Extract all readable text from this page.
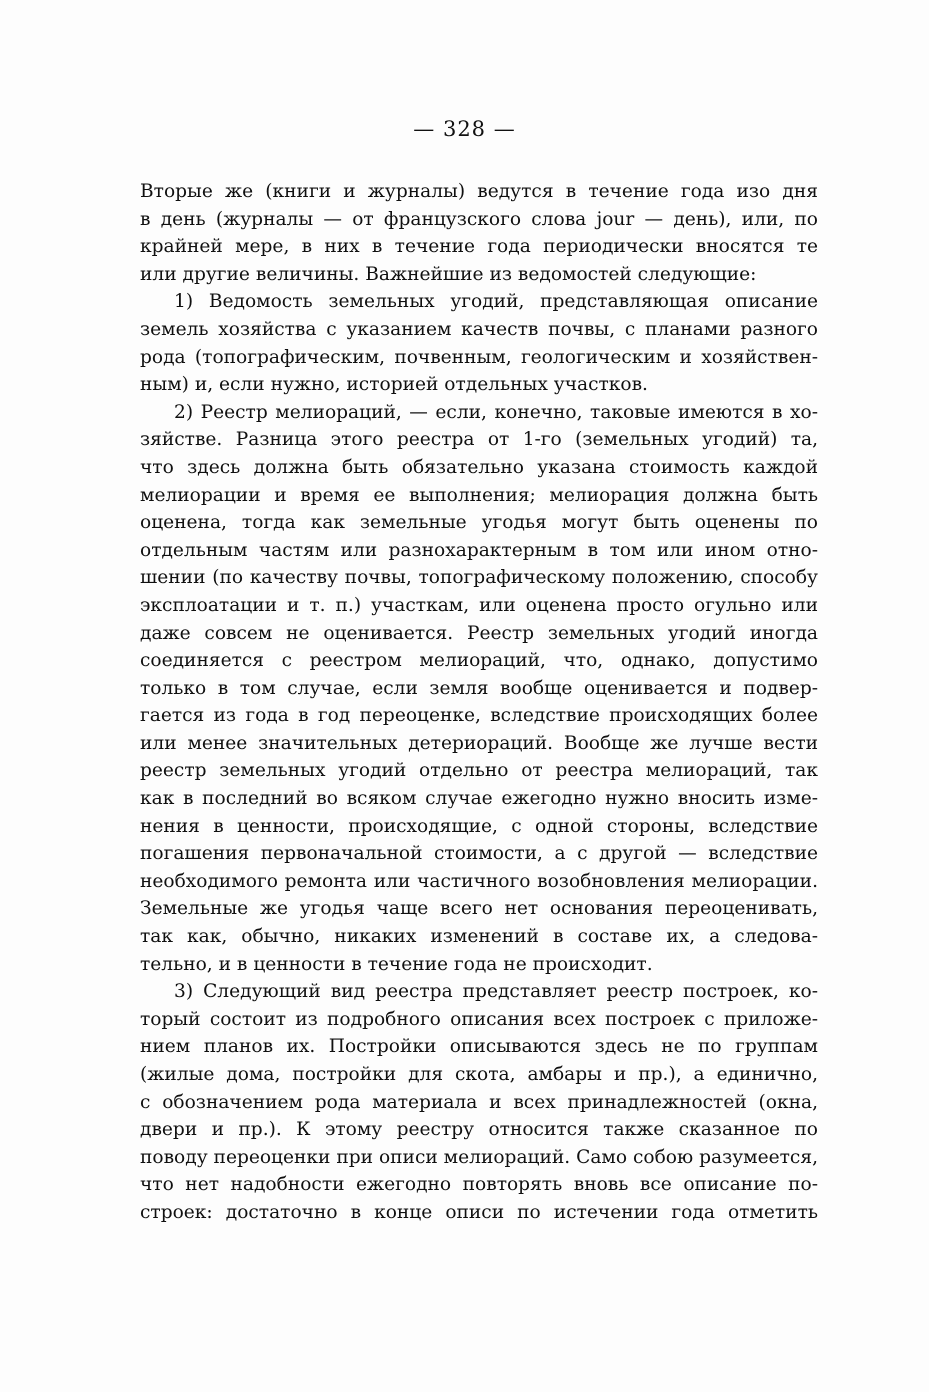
— 328 —
Вторые же (книги и журналы) ведутся в течение года изо дня
в день (журналы — от французского слова jour — день), или, по
крайней мере, в них в течение года периодически вносятся те
или другие величины. Важнейшие из ведомостей следующие:
1) Ведомость земельных угодий, представляющая описание
земель хозяйства с указанием качеств почвы, с планами разного
рода (топографическим, почвенным, геологическим и хозяйствен-
ным) и, если нужно, историей отдельных участков.
2) Реестр мелиораций, — если, конечно, таковые имеются в хо-
зяйстве. Разница этого реестра от 1-го (земельных угодий) та,
что здесь должна быть обязательно указана стоимость каждой
мелиорации и время ее выполнения; мелиорация должна быть
оценена, тогда как земельные угодья могут быть оценены по
отдельным частям или разнохарактерным в том или ином отно-
шении (по качеству почвы, топографическому положению, способу
эксплоатации и т. п.) участкам, или оценена просто огульно или
даже совсем не оценивается. Реестр земельных угодий иногда
соединяется с реестром мелиораций, что, однако, допустимо
только в том случае, если земля вообще оценивается и подвер-
гается из года в год переоценке, вследствие происходящих более
или менее значительных детериораций. Вообще же лучше вести
реестр земельных угодий отдельно от реестра мелиораций, так
как в последний во всяком случае ежегодно нужно вносить изме-
нения в ценности, происходящие, с одной стороны, вследствие
погашения первоначальной стоимости, а с другой — вследствие
необходимого ремонта или частичного возобновления мелиорации.
Земельные же угодья чаще всего нет основания переоценивать,
так как, обычно, никаких изменений в составе их, а следова-
тельно, и в ценности в течение года не происходит.
3) Следующий вид реестра представляет реестр построек, ко-
торый состоит из подробного описания всех построек с приложе-
нием планов их. Постройки описываются здесь не по группам
(жилые дома, постройки для скота, амбары и пр.), а единично,
с обозначением рода материала и всех принадлежностей (окна,
двери и пр.). К этому реестру относится также сказанное по
поводу переоценки при описи мелиораций. Само собою разумеется,
что нет надобности ежегодно повторять вновь все описание по-
строек: достаточно в конце описи по истечении года отметить
